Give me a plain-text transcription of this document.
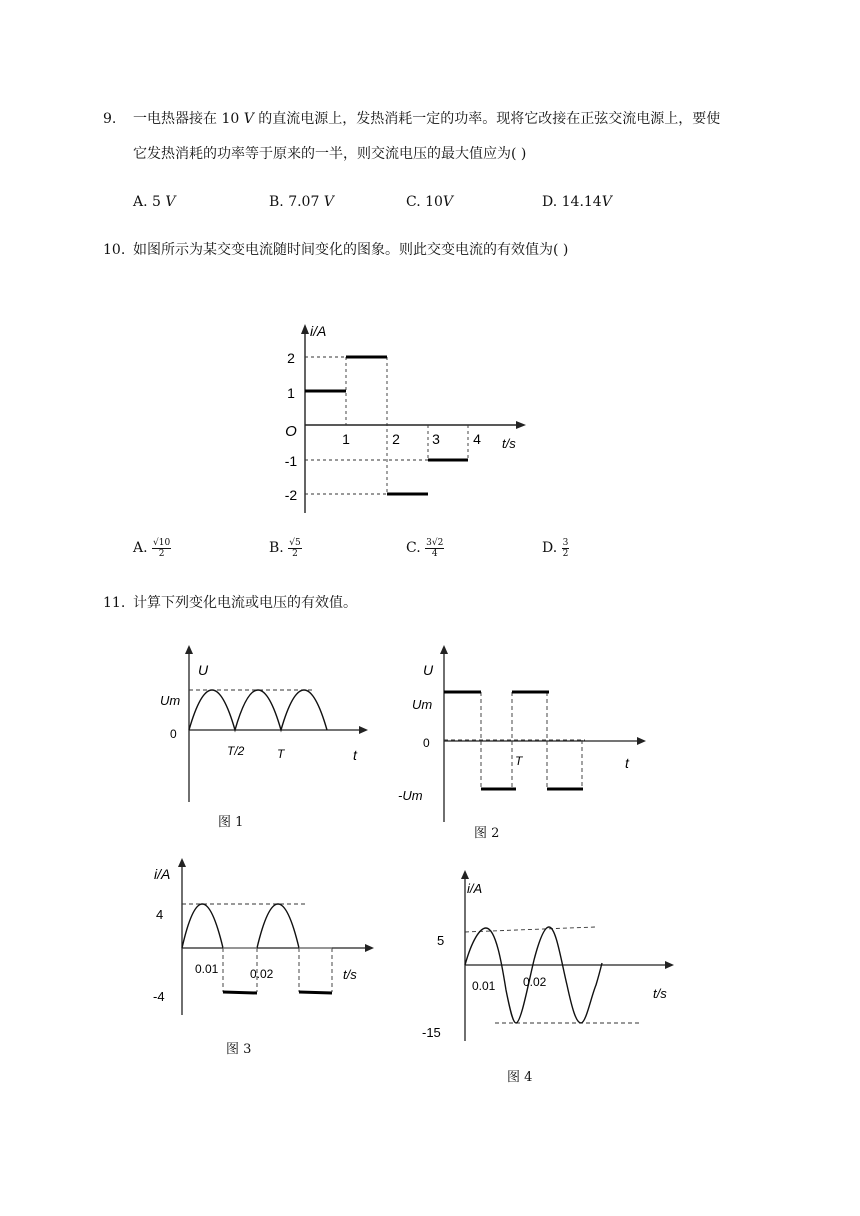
9. 一电热器接在 10 𝑉 的直流电源上，发热消耗一定的功率。现将它改接在正弦交流电源上，要使
它发热消耗的功率等于原来的一半，则交流电压的最大值应为( )
A. 5 𝑉	B. 7.07 𝑉	C. 10𝑉	D. 14.14𝑉
10. 如图所示为某交变电流随时间变化的图象。则此交变电流的有效值为( )
i/A
2
1
O
-1
-2
1	2 3 4 t/s
A.
$\frac{√10}{2}$	B.
$\frac{√5}{2}$	C.
$\frac{3√2}{4}$	D.
$\frac{3}{2}$
11. 计算下列变化电流或电压的有效值。
U
Um
0
T/2	T	t
图 1
U
Um
0
T	t
-Um
图 2
i/A
4
0.01	0.02	t/s
-4
图 3
i/A
5
0.01 0.02
t/s
-15
图 4
